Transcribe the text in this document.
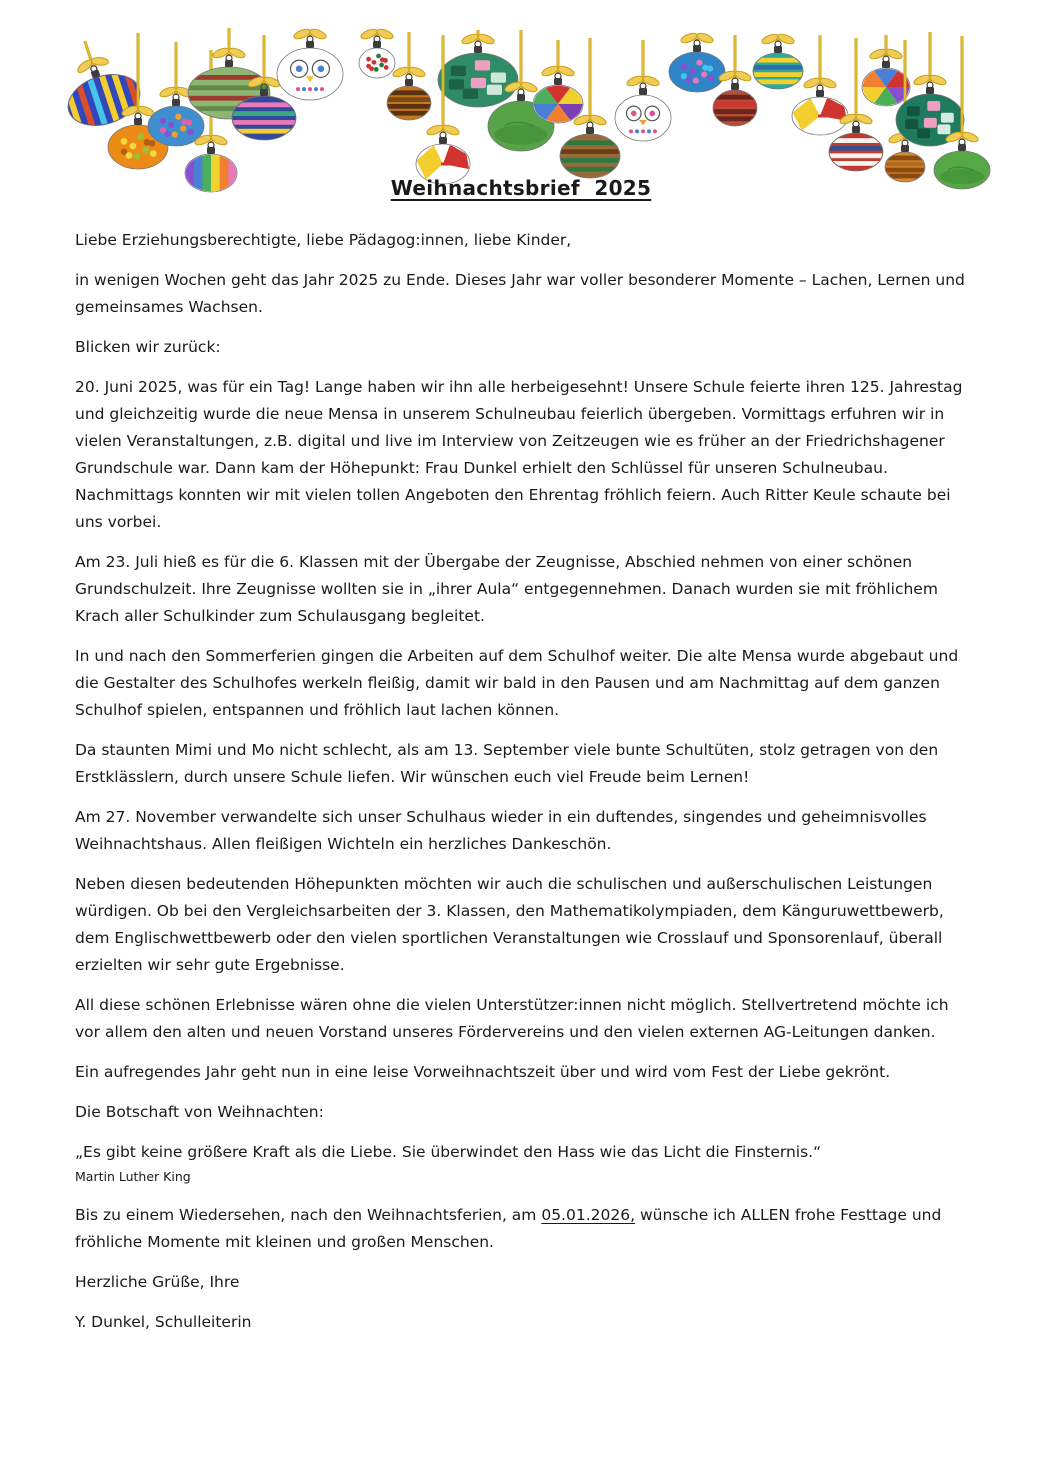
Weihnachtsbrief  2025

Liebe Erziehungsberechtigte, liebe Pädagog:innen, liebe Kinder,

in wenigen Wochen geht das Jahr 2025 zu Ende. Dieses Jahr war voller besonderer Momente – Lachen, Lernen und gemeinsames Wachsen.

Blicken wir zurück:

20. Juni 2025, was für ein Tag! Lange haben wir ihn alle herbeigesehnt! Unsere Schule feierte ihren 125. Jahrestag und gleichzeitig wurde die neue Mensa in unserem Schulneubau feierlich übergeben. Vormittags erfuhren wir in vielen Veranstaltungen, z.B. digital und live im Interview von Zeitzeugen wie es früher an der Friedrichshagener Grundschule war. Dann kam der Höhepunkt: Frau Dunkel erhielt den Schlüssel für unseren Schulneubau. Nachmittags konnten wir mit vielen tollen Angeboten den Ehrentag fröhlich feiern. Auch Ritter Keule schaute bei uns vorbei.

Am 23. Juli hieß es für die 6. Klassen mit der Übergabe der Zeugnisse, Abschied nehmen von einer schönen Grundschulzeit. Ihre Zeugnisse wollten sie in „ihrer Aula“ entgegennehmen. Danach wurden sie mit fröhlichem Krach aller Schulkinder zum Schulausgang begleitet.

In und nach den Sommerferien gingen die Arbeiten auf dem Schulhof weiter. Die alte Mensa wurde abgebaut und die Gestalter des Schulhofes werkeln fleißig, damit wir bald in den Pausen und am Nachmittag auf dem ganzen Schulhof spielen, entspannen und fröhlich laut lachen können.

Da staunten Mimi und Mo nicht schlecht, als am 13. September viele bunte Schultüten, stolz getragen von den Erstklässlern, durch unsere Schule liefen. Wir wünschen euch viel Freude beim Lernen!

Am 27. November verwandelte sich unser Schulhaus wieder in ein duftendes, singendes und geheimnisvolles Weihnachtshaus. Allen fleißigen Wichteln ein herzliches Dankeschön.

Neben diesen bedeutenden Höhepunkten möchten wir auch die schulischen und außerschulischen Leistungen würdigen. Ob bei den Vergleichsarbeiten der 3. Klassen, den Mathematikolympiaden, dem Känguruwettbewerb, dem Englischwettbewerb oder den vielen sportlichen Veranstaltungen wie Crosslauf und Sponsorenlauf, überall erzielten wir sehr gute Ergebnisse.

All diese schönen Erlebnisse wären ohne die vielen Unterstützer:innen nicht möglich. Stellvertretend möchte ich vor allem den alten und neuen Vorstand unseres Fördervereins und den vielen externen AG-Leitungen danken.

Ein aufregendes Jahr geht nun in eine leise Vorweihnachtszeit über und wird vom Fest der Liebe gekrönt.

Die Botschaft von Weihnachten:

„Es gibt keine größere Kraft als die Liebe. Sie überwindet den Hass wie das Licht die Finsternis.“

Martin Luther King

Bis zu einem Wiedersehen, nach den Weihnachtsferien, am 05.01.2026, wünsche ich ALLEN frohe Festtage und fröhliche Momente mit kleinen und großen Menschen.

Herzliche Grüße, Ihre

Y. Dunkel, Schulleiterin
